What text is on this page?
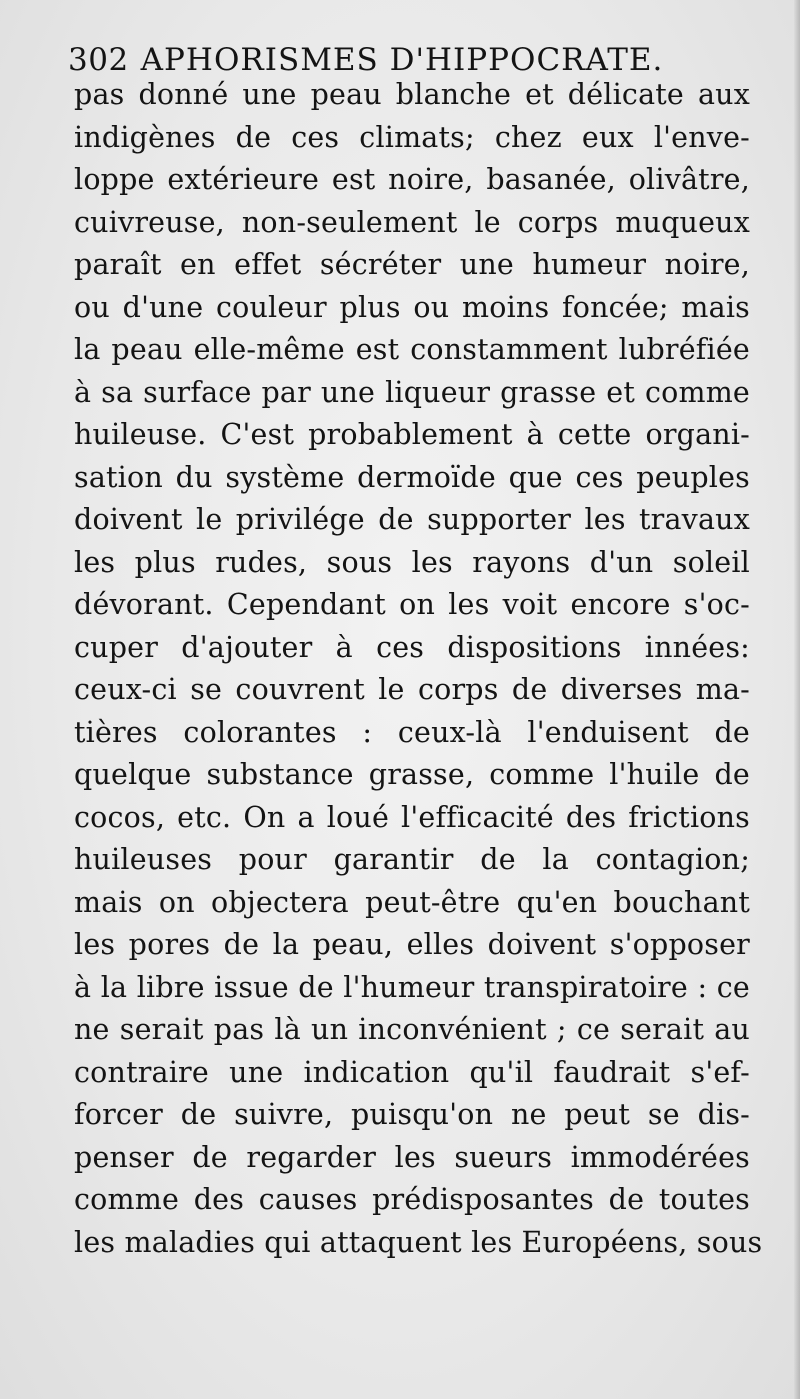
302 APHORISMES D'HIPPOCRATE.
pas donné une peau blanche et délicate aux
indigènes de ces climats; chez eux l'enve-
loppe extérieure est noire, basanée, olivâtre,
cuivreuse, non-seulement le corps muqueux
paraît en effet sécréter une humeur noire,
ou d'une couleur plus ou moins foncée; mais
la peau elle-même est constamment lubréfiée
à sa surface par une liqueur grasse et comme
huileuse. C'est probablement à cette organi-
sation du système dermoïde que ces peuples
doivent le privilége de supporter les travaux
les plus rudes, sous les rayons d'un soleil
dévorant. Cependant on les voit encore s'oc-
cuper d'ajouter à ces dispositions innées:
ceux-ci se couvrent le corps de diverses ma-
tières colorantes : ceux-là l'enduisent de
quelque substance grasse, comme l'huile de
cocos, etc. On a loué l'efficacité des frictions
huileuses pour garantir de la contagion;
mais on objectera peut-être qu'en bouchant
les pores de la peau, elles doivent s'opposer
à la libre issue de l'humeur transpiratoire : ce
ne serait pas là un inconvénient ; ce serait au
contraire une indication qu'il faudrait s'ef-
forcer de suivre, puisqu'on ne peut se dis-
penser de regarder les sueurs immodérées
comme des causes prédisposantes de toutes
les maladies qui attaquent les Européens, sous
